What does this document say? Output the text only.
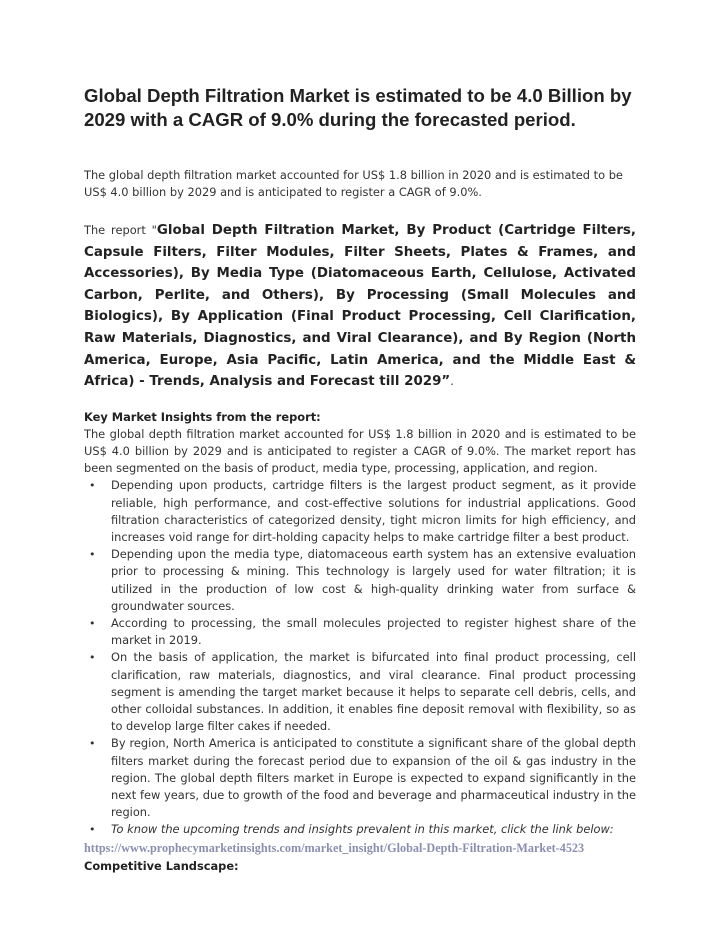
Global Depth Filtration Market is estimated to be 4.0 Billion by 2029 with a CAGR of 9.0% during the forecasted period.

The global depth filtration market accounted for US$ 1.8 billion in 2020 and is estimated to be US$ 4.0 billion by 2029 and is anticipated to register a CAGR of 9.0%.

The report "Global Depth Filtration Market, By Product (Cartridge Filters, Capsule Filters, Filter Modules, Filter Sheets, Plates & Frames, and Accessories), By Media Type (Diatomaceous Earth, Cellulose, Activated Carbon, Perlite, and Others), By Processing (Small Molecules and Biologics), By Application (Final Product Processing, Cell Clarification, Raw Materials, Diagnostics, and Viral Clearance), and By Region (North America, Europe, Asia Pacific, Latin America, and the Middle East & Africa) - Trends, Analysis and Forecast till 2029”.

Key Market Insights from the report:

The global depth filtration market accounted for US$ 1.8 billion in 2020 and is estimated to be US$ 4.0 billion by 2029 and is anticipated to register a CAGR of 9.0%. The market report has been segmented on the basis of product, media type, processing, application, and region.

• Depending upon products, cartridge filters is the largest product segment, as it provide reliable, high performance, and cost-effective solutions for industrial applications. Good filtration characteristics of categorized density, tight micron limits for high efficiency, and increases void range for dirt-holding capacity helps to make cartridge filter a best product.
• Depending upon the media type, diatomaceous earth system has an extensive evaluation prior to processing & mining. This technology is largely used for water filtration; it is utilized in the production of low cost & high-quality drinking water from surface & groundwater sources.
• According to processing, the small molecules projected to register highest share of the market in 2019.
• On the basis of application, the market is bifurcated into final product processing, cell clarification, raw materials, diagnostics, and viral clearance. Final product processing segment is amending the target market because it helps to separate cell debris, cells, and other colloidal substances. In addition, it enables fine deposit removal with flexibility, so as to develop large filter cakes if needed.
• By region, North America is anticipated to constitute a significant share of the global depth filters market during the forecast period due to expansion of the oil & gas industry in the region. The global depth filters market in Europe is expected to expand significantly in the next few years, due to growth of the food and beverage and pharmaceutical industry in the region.
• To know the upcoming trends and insights prevalent in this market, click the link below:

https://www.prophecymarketinsights.com/market_insight/Global-Depth-Filtration-Market-4523

Competitive Landscape:
